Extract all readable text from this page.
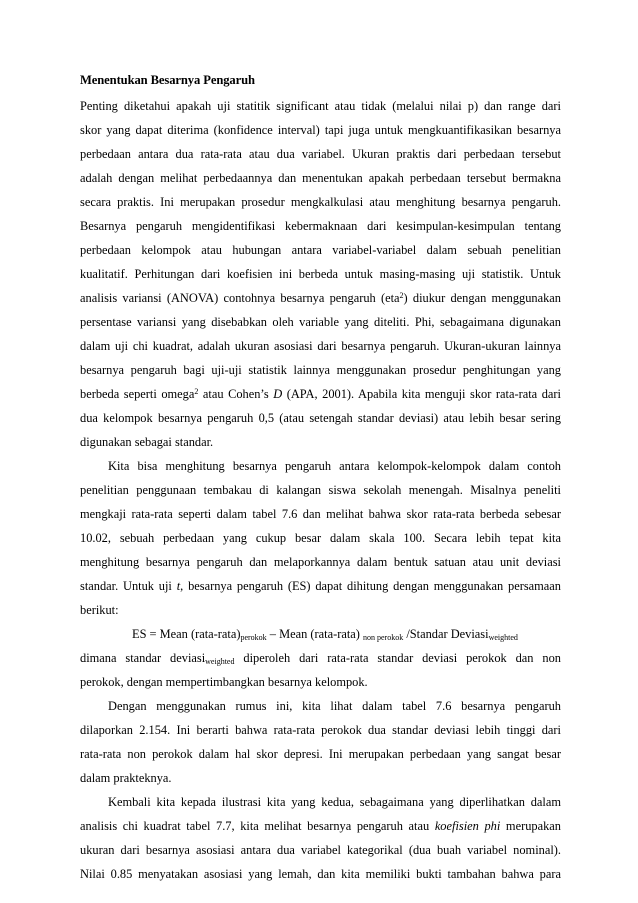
Menentukan Besarnya Pengaruh
Penting diketahui apakah uji statitik significant atau tidak (melalui nilai p) dan range dari
skor yang dapat diterima (konfidence interval) tapi juga untuk mengkuantifikasikan besarnya
perbedaan antara dua rata-rata atau dua variabel. Ukuran praktis dari perbedaan tersebut
adalah dengan melihat perbedaannya dan menentukan apakah perbedaan tersebut bermakna
secara praktis. Ini merupakan prosedur mengkalkulasi atau menghitung besarnya pengaruh.
Besarnya pengaruh mengidentifikasi kebermaknaan dari kesimpulan-kesimpulan tentang
perbedaan kelompok atau hubungan antara variabel-variabel dalam sebuah penelitian
kualitatif. Perhitungan dari koefisien ini berbeda untuk masing-masing uji statistik. Untuk
analisis variansi (ANOVA) contohnya besarnya pengaruh (eta$^2$) diukur dengan menggunakan
persentase variansi yang disebabkan oleh variable yang diteliti. Phi, sebagaimana digunakan
dalam uji chi kuadrat, adalah ukuran asosiasi dari besarnya pengaruh. Ukuran-ukuran lainnya
besarnya pengaruh bagi uji-uji statistik lainnya menggunakan prosedur penghitungan yang
berbeda seperti omega$^2$ atau Cohen’s D (APA, 2001). Apabila kita menguji skor rata-rata dari
dua kelompok besarnya pengaruh 0,5 (atau setengah standar deviasi) atau lebih besar sering
digunakan sebagai standar.
Kita bisa menghitung besarnya pengaruh antara kelompok-kelompok dalam contoh
penelitian penggunaan tembakau di kalangan siswa sekolah menengah. Misalnya peneliti
mengkaji rata-rata seperti dalam tabel 7.6 dan melihat bahwa skor rata-rata berbeda sebesar
10.02, sebuah perbedaan yang cukup besar dalam skala 100. Secara lebih tepat kita
menghitung besarnya pengaruh dan melaporkannya dalam bentuk satuan atau unit deviasi
standar. Untuk uji t, besarnya pengaruh (ES) dapat dihitung dengan menggunakan persamaan
berikut:
ES = Mean $(rata-rata)_{perokok}$ – Mean (rata-rata) $_{non perokok}$ /Standar Deviasi$_{weighted}$
dimana standar deviasi$_{weighted}$ diperoleh dari rata-rata standar deviasi perokok dan non
perokok, dengan mempertimbangkan besarnya kelompok.
Dengan menggunakan rumus ini, kita lihat dalam tabel 7.6 besarnya pengaruh
dilaporkan 2.154. Ini berarti bahwa rata-rata perokok dua standar deviasi lebih tinggi dari
rata-rata non perokok dalam hal skor depresi. Ini merupakan perbedaan yang sangat besar
dalam prakteknya.
Kembali kita kepada ilustrasi kita yang kedua, sebagaimana yang diperlihatkan dalam
analisis chi kuadrat tabel 7.7, kita melihat besarnya pengaruh atau koefisien phi merupakan
ukuran dari besarnya asosiasi antara dua variabel kategorikal (dua buah variabel nominal).
Nilai 0.85 menyatakan asosiasi yang lemah, dan kita memiliki bukti tambahan bahwa para
